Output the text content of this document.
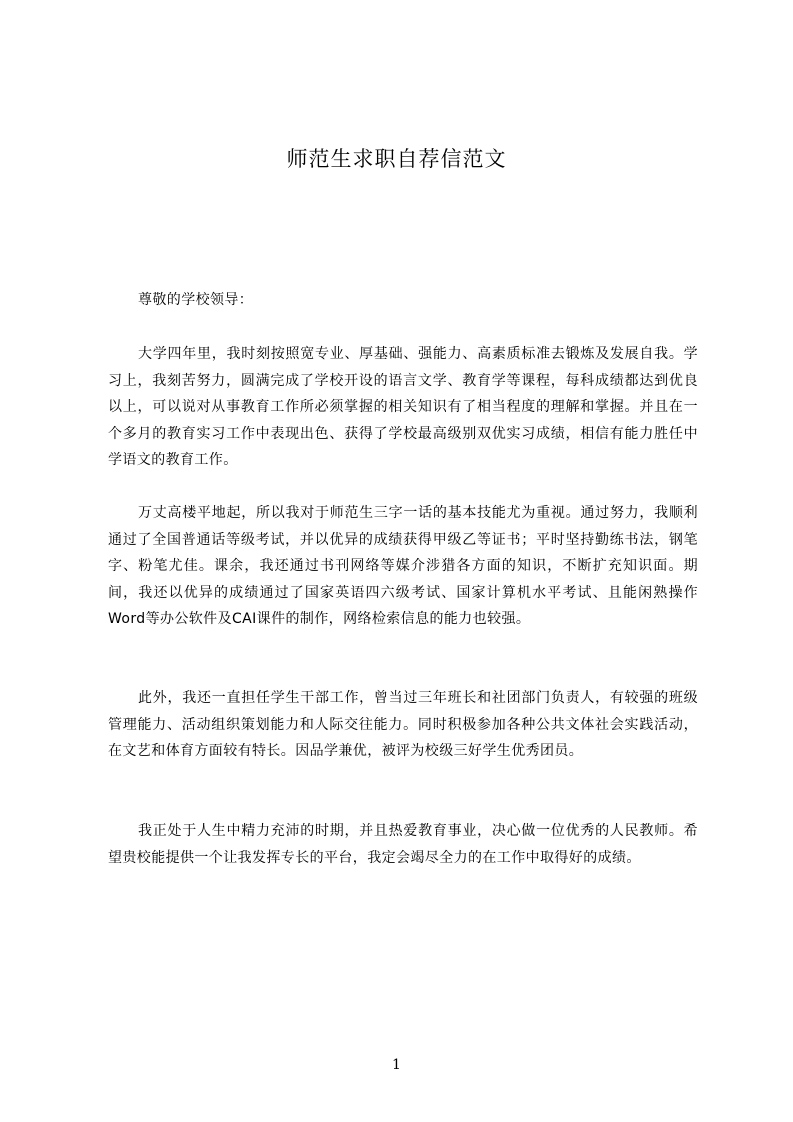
师范生求职自荐信范文

尊敬的学校领导：

大学四年里，我时刻按照宽专业、厚基础、强能力、高素质标准去锻炼及发展自我。学习上，我刻苦努力，圆满完成了学校开设的语言文学、教育学等课程，每科成绩都达到优良以上，可以说对从事教育工作所必须掌握的相关知识有了相当程度的理解和掌握。并且在一个多月的教育实习工作中表现出色、获得了学校最高级别双优实习成绩，相信有能力胜任中学语文的教育工作。

万丈高楼平地起，所以我对于师范生三字一话的基本技能尤为重视。通过努力，我顺利通过了全国普通话等级考试，并以优异的成绩获得甲级乙等证书；平时坚持勤练书法，钢笔字、粉笔尤佳。课余，我还通过书刊网络等媒介涉猎各方面的知识，不断扩充知识面。期间，我还以优异的成绩通过了国家英语四六级考试、国家计算机水平考试、且能闲熟操作Word等办公软件及CAI课件的制作，网络检索信息的能力也较强。

此外，我还一直担任学生干部工作，曾当过三年班长和社团部门负责人，有较强的班级管理能力、活动组织策划能力和人际交往能力。同时积极参加各种公共文体社会实践活动，在文艺和体育方面较有特长。因品学兼优，被评为校级三好学生优秀团员。

我正处于人生中精力充沛的时期，并且热爱教育事业，决心做一位优秀的人民教师。希望贵校能提供一个让我发挥专长的平台，我定会竭尽全力的在工作中取得好的成绩。

1
